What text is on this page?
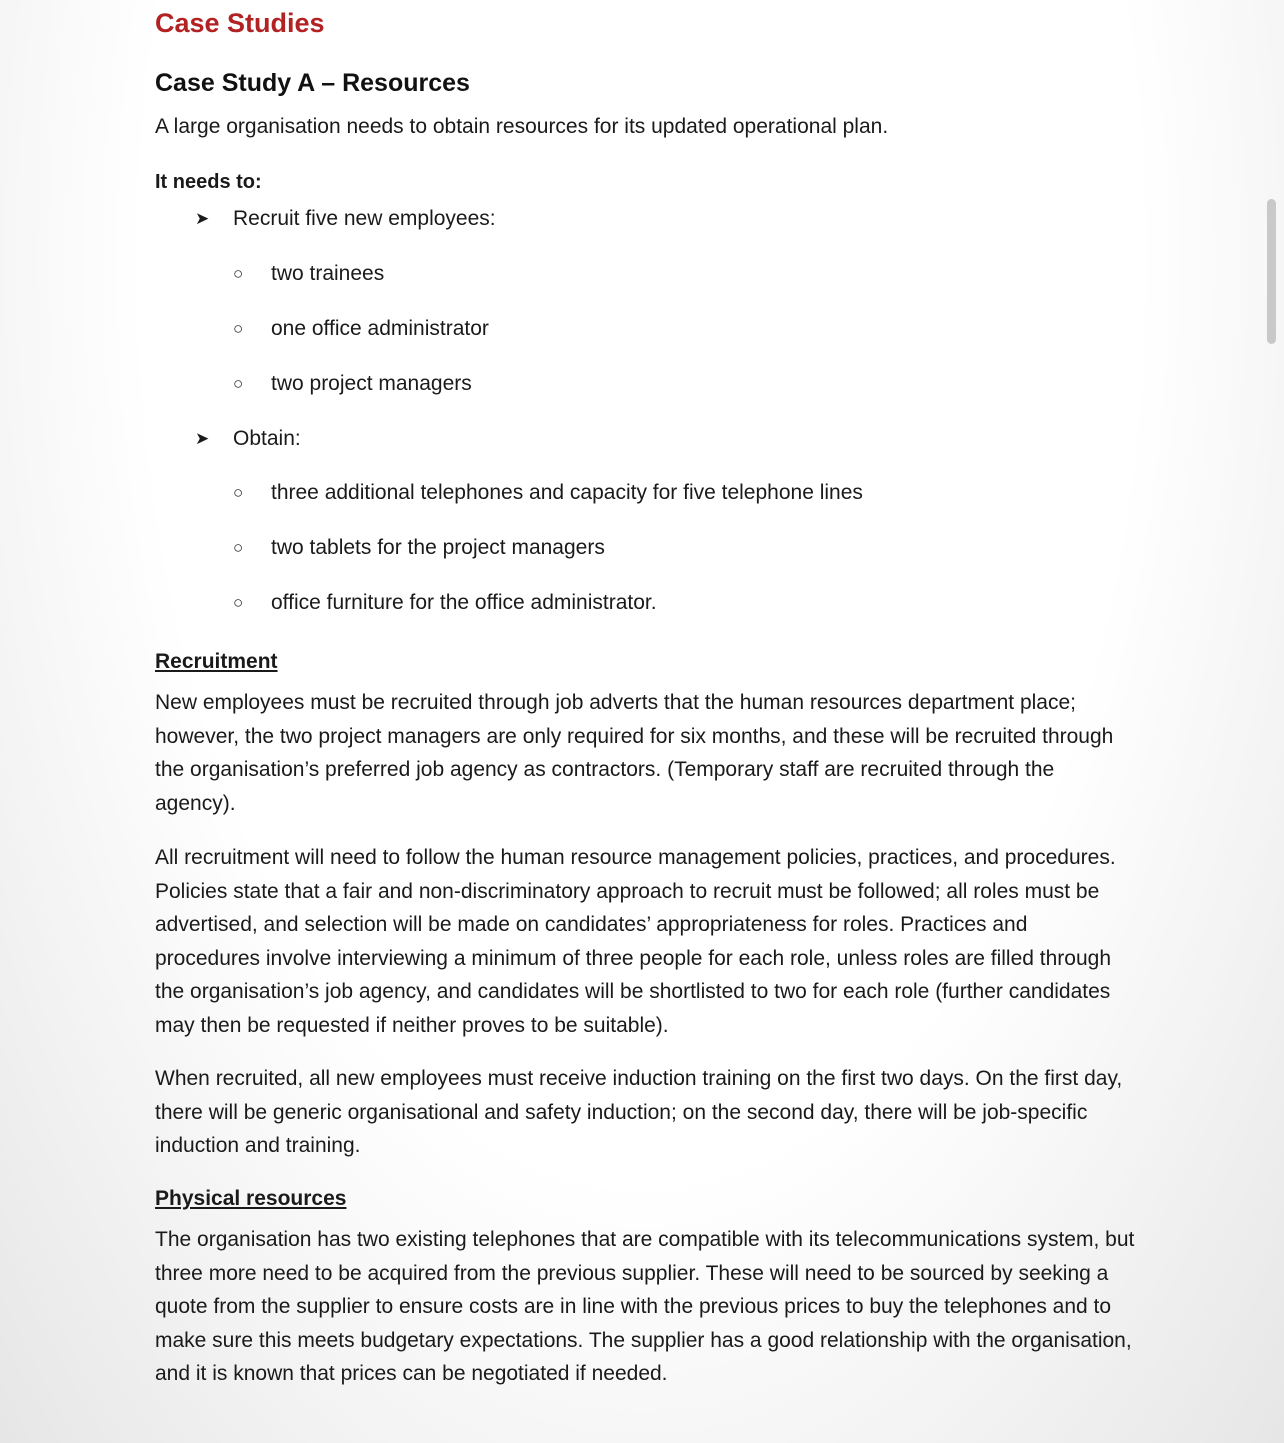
Case Studies
Case Study A – Resources

A large organisation needs to obtain resources for its updated operational plan.

It needs to:

➤	Recruit five new employees:
○	two trainees
○	one office administrator
○	two project managers
➤	Obtain:
○	three additional telephones and capacity for five telephone lines
○	two tablets for the project managers
○	office furniture for the office administrator.

Recruitment

New employees must be recruited through job adverts that the human resources department place; however, the two project managers are only required for six months, and these will be recruited through the organisation’s preferred job agency as contractors. (Temporary staff are recruited through the agency).

All recruitment will need to follow the human resource management policies, practices, and procedures. Policies state that a fair and non-discriminatory approach to recruit must be followed; all roles must be advertised, and selection will be made on candidates’ appropriateness for roles. Practices and procedures involve interviewing a minimum of three people for each role, unless roles are filled through the organisation’s job agency, and candidates will be shortlisted to two for each role (further candidates may then be requested if neither proves to be suitable).

When recruited, all new employees must receive induction training on the first two days. On the first day, there will be generic organisational and safety induction; on the second day, there will be job-specific induction and training.

Physical resources

The organisation has two existing telephones that are compatible with its telecommunications system, but three more need to be acquired from the previous supplier. These will need to be sourced by seeking a quote from the supplier to ensure costs are in line with the previous prices to buy the telephones and to make sure this meets budgetary expectations. The supplier has a good relationship with the organisation, and it is known that prices can be negotiated if needed.
